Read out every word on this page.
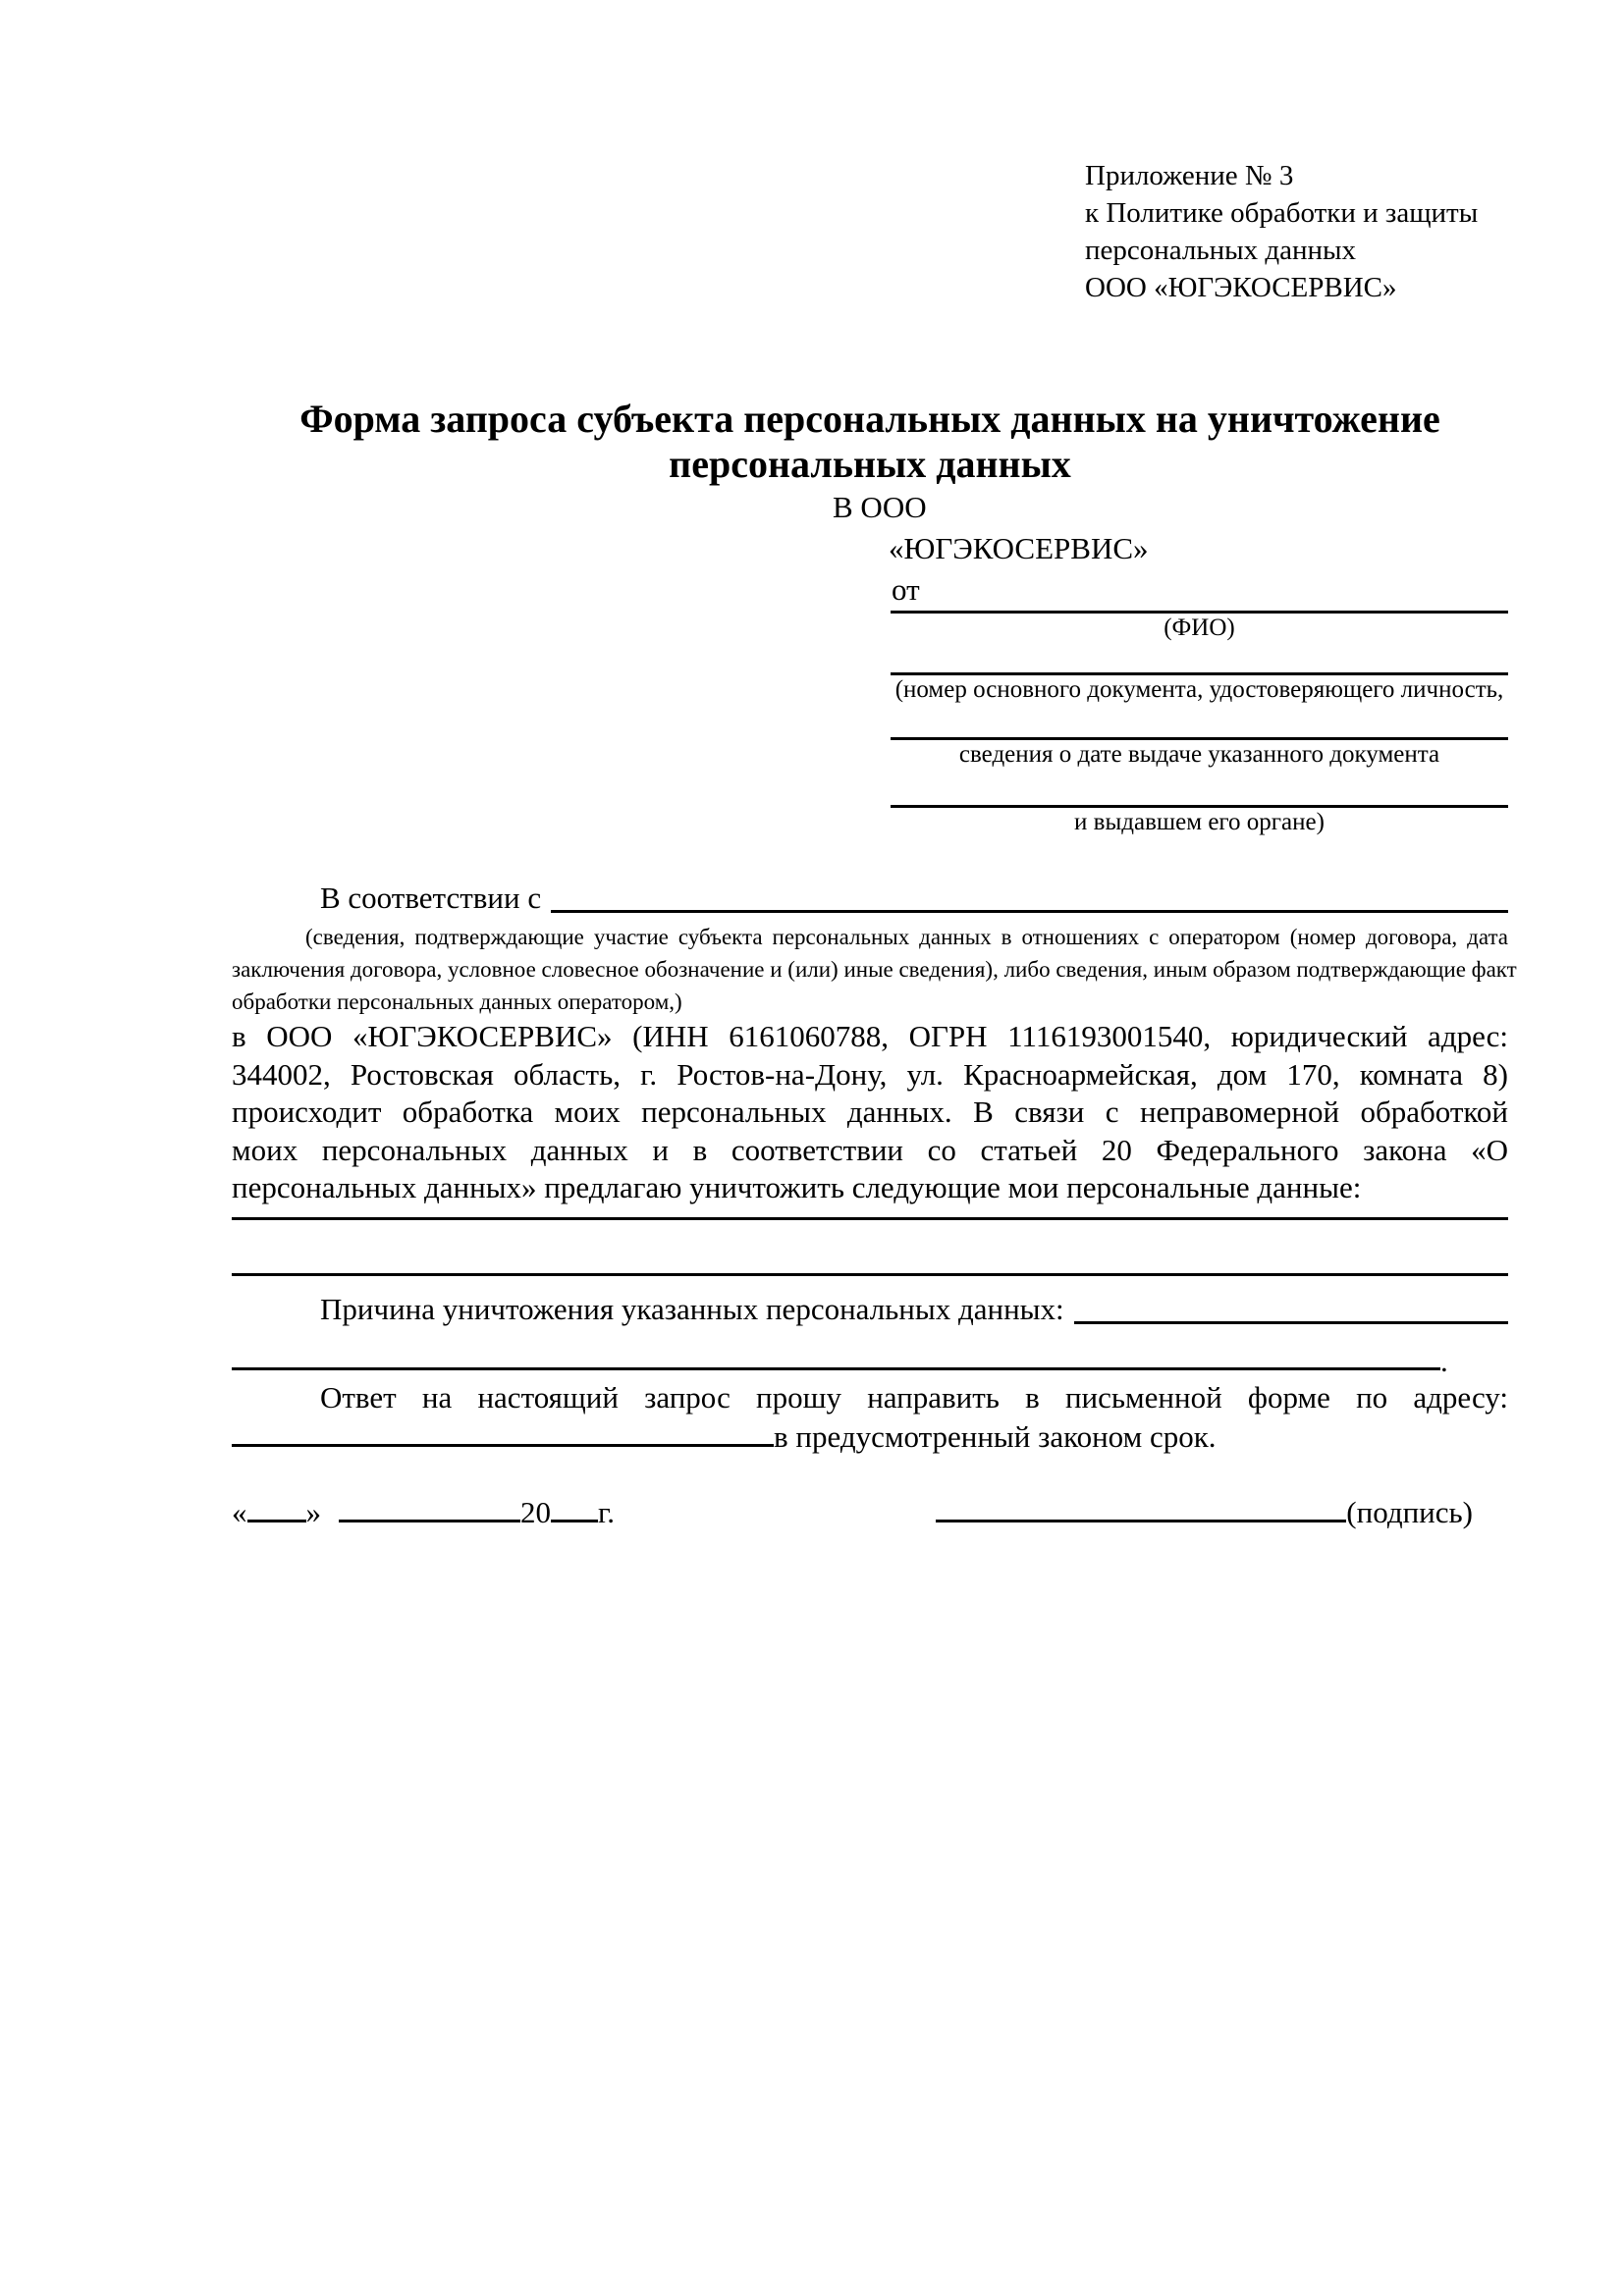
Приложение № 3
к Политике обработки и защиты
персональных данных
ООО «ЮГЭКОСЕРВИС»
Форма запроса субъекта персональных данных на уничтожение
персональных данных
В ООО
«ЮГЭКОСЕРВИС»
от
(ФИО)
(номер основного документа, удостоверяющего личность,
сведения о дате выдаче указанного документа
и выдавшем его органе)
В соответствии с
(сведения, подтверждающие участие субъекта персональных данных в отношениях с оператором (номер договора, дата
заключения договора, условное словесное обозначение и (или) иные сведения), либо сведения, иным образом подтверждающие факт
обработки персональных данных оператором,)
в ООО «ЮГЭКОСЕРВИС» (ИНН 6161060788, ОГРН 1116193001540, юридический адрес:
344002, Ростовская область, г. Ростов-на-Дону, ул. Красноармейская, дом 170, комната 8)
происходит обработка моих персональных данных. В связи с неправомерной обработкой
моих персональных данных и в соответствии со статьей 20 Федерального закона «О
персональных данных» предлагаю уничтожить следующие мои персональные данные:
Причина уничтожения указанных персональных данных:
.
Ответ на настоящий запрос прошу направить в письменной форме по адресу:
в предусмотренный законом срок.
« »	20 г.	(подпись)
